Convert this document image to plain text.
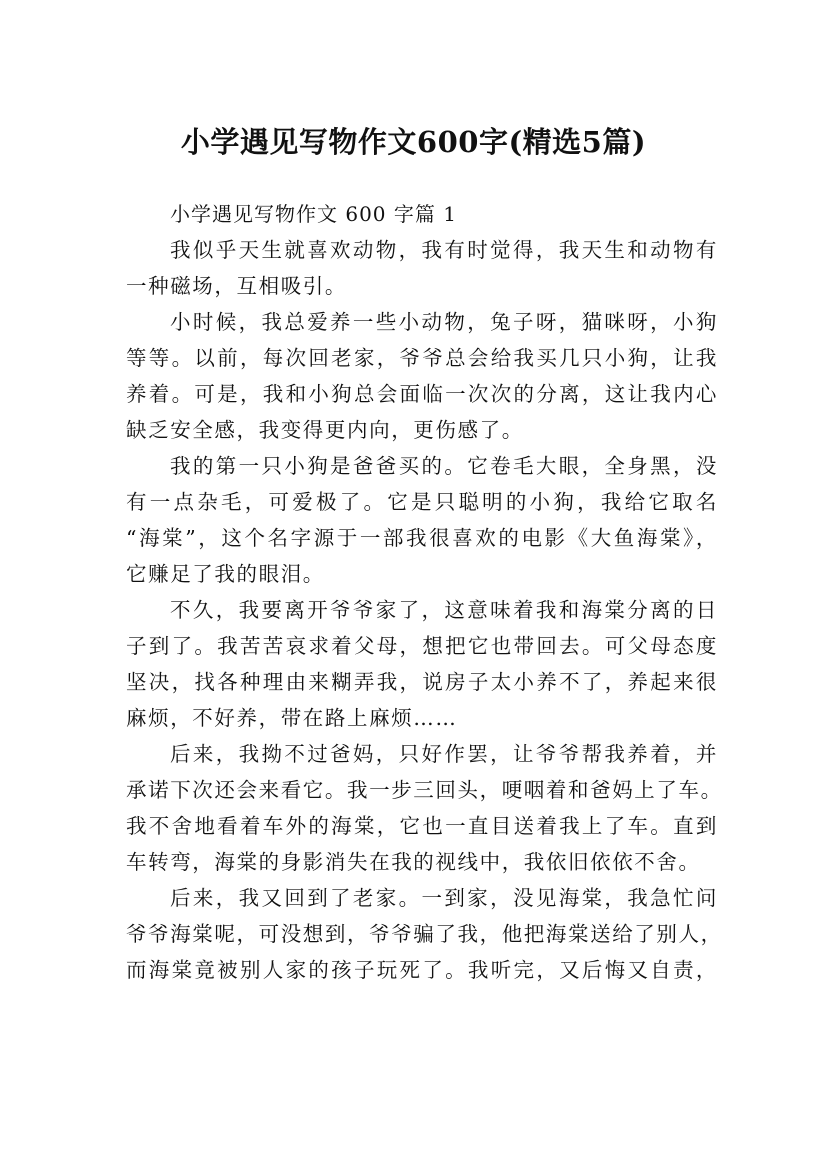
小学遇见写物作文600字(精选5篇)

小学遇见写物作文 600 字篇 1

我似乎天生就喜欢动物，我有时觉得，我天生和动物有
一种磁场，互相吸引。

小时候，我总爱养一些小动物，兔子呀，猫咪呀，小狗
等等。以前，每次回老家，爷爷总会给我买几只小狗，让我
养着。可是，我和小狗总会面临一次次的分离，这让我内心
缺乏安全感，我变得更内向，更伤感了。

我的第一只小狗是爸爸买的。它卷毛大眼，全身黑，没
有一点杂毛，可爱极了。它是只聪明的小狗，我给它取名
“海棠”，这个名字源于一部我很喜欢的电影《大鱼海棠》，
它赚足了我的眼泪。

不久，我要离开爷爷家了，这意味着我和海棠分离的日
子到了。我苦苦哀求着父母，想把它也带回去。可父母态度
坚决，找各种理由来糊弄我，说房子太小养不了，养起来很
麻烦，不好养，带在路上麻烦……

后来，我拗不过爸妈，只好作罢，让爷爷帮我养着，并
承诺下次还会来看它。我一步三回头，哽咽着和爸妈上了车。
我不舍地看着车外的海棠，它也一直目送着我上了车。直到
车转弯，海棠的身影消失在我的视线中，我依旧依依不舍。

后来，我又回到了老家。一到家，没见海棠，我急忙问
爷爷海棠呢，可没想到，爷爷骗了我，他把海棠送给了别人，
而海棠竟被别人家的孩子玩死了。我听完，又后悔又自责，
